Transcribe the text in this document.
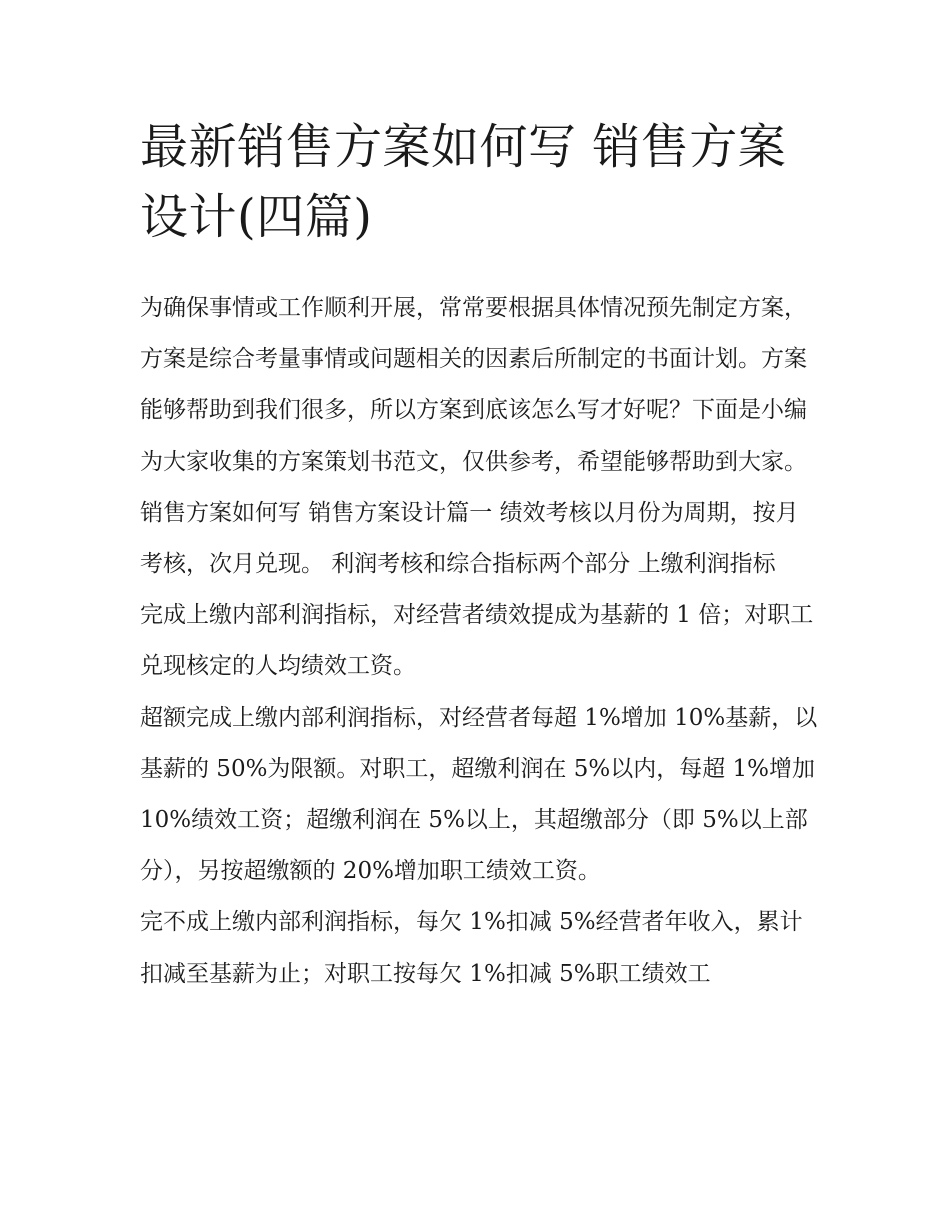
最新销售方案如何写 销售方案
设计(四篇)

为确保事情或工作顺利开展，常常要根据具体情况预先制定方案，方案是综合考量事情或问题相关的因素后所制定的书面计划。方案能够帮助到我们很多，所以方案到底该怎么写才好呢？下面是小编为大家收集的方案策划书范文，仅供参考，希望能够帮助到大家。

销售方案如何写 销售方案设计篇一 绩效考核以月份为周期，按月考核，次月兑现。 利润考核和综合指标两个部分 上缴利润指标

完成上缴内部利润指标，对经营者绩效提成为基薪的 1 倍；对职工兑现核定的人均绩效工资。

超额完成上缴内部利润指标，对经营者每超 1%增加 10%基薪，以基薪的 50%为限额。对职工，超缴利润在 5%以内，每超 1%增加 10%绩效工资；超缴利润在 5%以上，其超缴部分（即 5%以上部分），另按超缴额的 20%增加职工绩效工资。

完不成上缴内部利润指标，每欠 1%扣减 5%经营者年收入，累计扣减至基薪为止；对职工按每欠 1%扣减 5%职工绩效工
